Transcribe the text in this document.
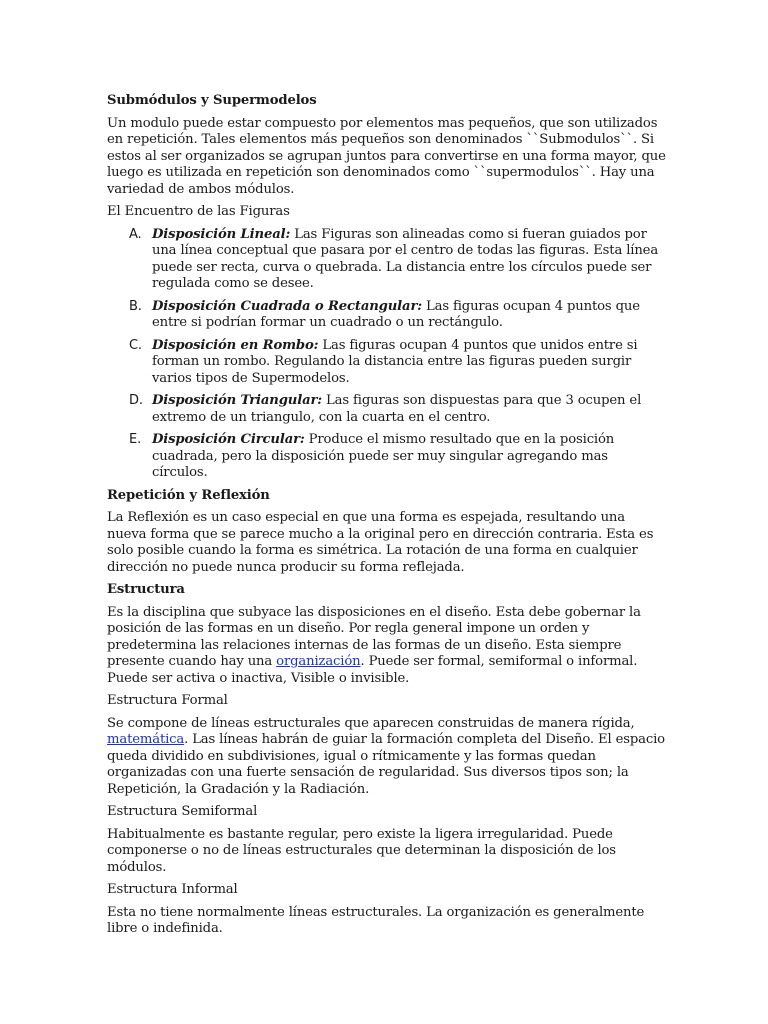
Submódulos y Supermodelos

Un modulo puede estar compuesto por elementos mas pequeños, que son utilizados en repetición. Tales elementos más pequeños son denominados ``Submodulos``. Si estos al ser organizados se agrupan juntos para convertirse en una forma mayor, que luego es utilizada en repetición son denominados como ``supermodulos``. Hay una variedad de ambos módulos.

El Encuentro de las Figuras
A. Disposición Lineal: Las Figuras son alineadas como si fueran guiados por una línea conceptual que pasara por el centro de todas las figuras. Esta línea puede ser recta, curva o quebrada. La distancia entre los círculos puede ser regulada como se desee.
B. Disposición Cuadrada o Rectangular: Las figuras ocupan 4 puntos que entre si podrían formar un cuadrado o un rectángulo.
C. Disposición en Rombo: Las figuras ocupan 4 puntos que unidos entre si forman un rombo. Regulando la distancia entre las figuras pueden surgir varios tipos de Supermodelos.
D. Disposición Triangular: Las figuras son dispuestas para que 3 ocupen el extremo de un triangulo, con la cuarta en el centro.
E. Disposición Circular: Produce el mismo resultado que en la posición cuadrada, pero la disposición puede ser muy singular agregando mas círculos.
Repetición y Reflexión

La Reflexión es un caso especial en que una forma es espejada, resultando una nueva forma que se parece mucho a la original pero en dirección contraria. Esta es solo posible cuando la forma es simétrica. La rotación de una forma en cualquier dirección no puede nunca producir su forma reflejada.

Estructura

Es la disciplina que subyace las disposiciones en el diseño. Esta debe gobernar la posición de las formas en un diseño. Por regla general impone un orden y predetermina las relaciones internas de las formas de un diseño. Esta siempre presente cuando hay una organización. Puede ser formal, semiformal o informal. Puede ser activa o inactiva, Visible o invisible.

Estructura Formal

Se compone de líneas estructurales que aparecen construidas de manera rígida, matemática. Las líneas habrán de guiar la formación completa del Diseño. El espacio queda dividido en subdivisiones, igual o rítmicamente y las formas quedan organizadas con una fuerte sensación de regularidad. Sus diversos tipos son; la Repetición, la Gradación y la Radiación.

Estructura Semiformal

Habitualmente es bastante regular, pero existe la ligera irregularidad. Puede componerse o no de líneas estructurales que determinan la disposición de los módulos.

Estructura Informal

Esta no tiene normalmente líneas estructurales. La organización es generalmente libre o indefinida.
